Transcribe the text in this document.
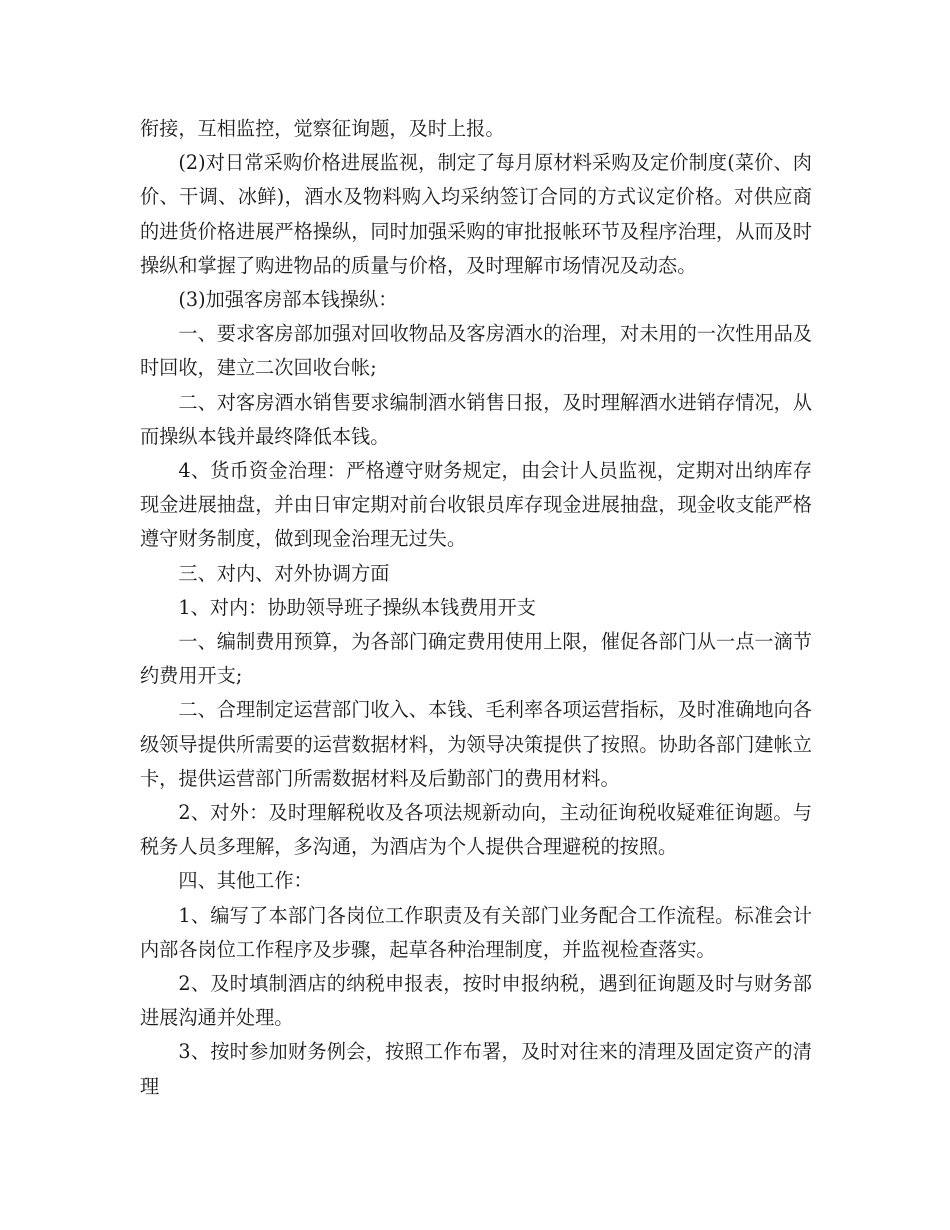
衔接，互相监控，觉察征询题，及时上报。

(2)对日常采购价格进展监视，制定了每月原材料采购及定价制度(菜价、肉价、干调、冰鲜)，酒水及物料购入均采纳签订合同的方式议定价格。对供应商的进货价格进展严格操纵，同时加强采购的审批报帐环节及程序治理，从而及时操纵和掌握了购进物品的质量与价格，及时理解市场情况及动态。

(3)加强客房部本钱操纵：

一、要求客房部加强对回收物品及客房酒水的治理，对未用的一次性用品及时回收，建立二次回收台帐;

二、对客房酒水销售要求编制酒水销售日报，及时理解酒水进销存情况，从而操纵本钱并最终降低本钱。

4、货币资金治理：严格遵守财务规定，由会计人员监视，定期对出纳库存现金进展抽盘，并由日审定期对前台收银员库存现金进展抽盘，现金收支能严格遵守财务制度，做到现金治理无过失。

三、对内、对外协调方面

1、对内：协助领导班子操纵本钱费用开支

一、编制费用预算，为各部门确定费用使用上限，催促各部门从一点一滴节约费用开支;

二、合理制定运营部门收入、本钱、毛利率各项运营指标，及时准确地向各级领导提供所需要的运营数据材料，为领导决策提供了按照。协助各部门建帐立卡，提供运营部门所需数据材料及后勤部门的费用材料。

2、对外：及时理解税收及各项法规新动向，主动征询税收疑难征询题。与税务人员多理解，多沟通，为酒店为个人提供合理避税的按照。

四、其他工作：

1、编写了本部门各岗位工作职责及有关部门业务配合工作流程。标准会计内部各岗位工作程序及步骤，起草各种治理制度，并监视检查落实。

2、及时填制酒店的纳税申报表，按时申报纳税，遇到征询题及时与财务部进展沟通并处理。

3、按时参加财务例会，按照工作布署，及时对往来的清理及固定资产的清理
